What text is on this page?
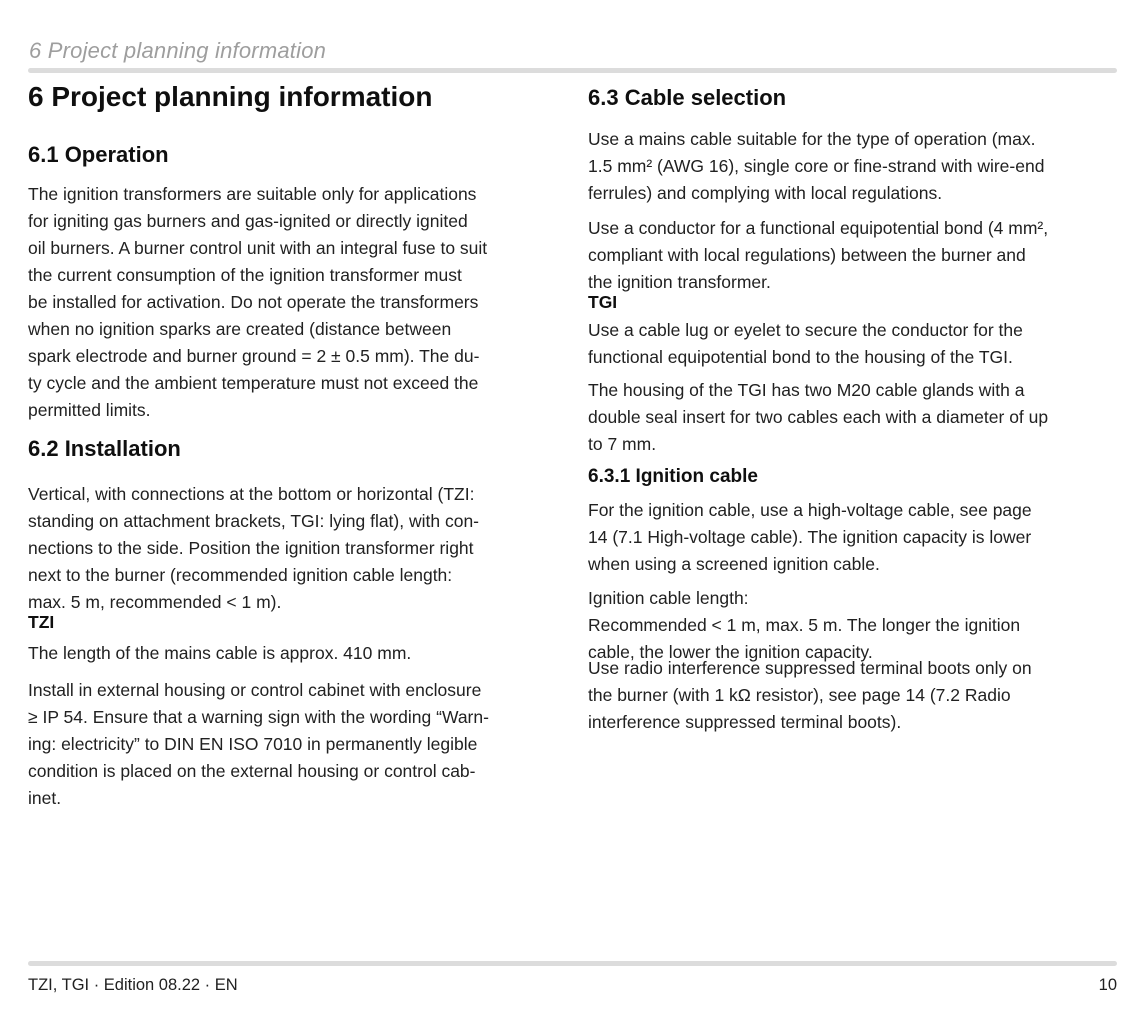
6 Project planning information
6 Project planning information
6.1 Operation
The ignition transformers are suitable only for applications
for igniting gas burners and gas-ignited or directly ignited
oil burners. A burner control unit with an integral fuse to suit
the current consumption of the ignition transformer must
be installed for activation. Do not operate the transformers
when no ignition sparks are created (distance between
spark electrode and burner ground = 2 ± 0.5 mm). The du-
ty cycle and the ambient temperature must not exceed the
permitted limits.
6.2 Installation
Vertical, with connections at the bottom or horizontal (TZI:
standing on attachment brackets, TGI: lying flat), with con-
nections to the side. Position the ignition transformer right
next to the burner (recommended ignition cable length:
max. 5 m, recommended < 1 m).
TZI
The length of the mains cable is approx. 410 mm.
Install in external housing or control cabinet with enclosure
≥ IP 54. Ensure that a warning sign with the wording “Warn-
ing: electricity” to DIN EN ISO 7010 in permanently legible
condition is placed on the external housing or control cab-
inet.
6.3 Cable selection
Use a mains cable suitable for the type of operation (max.
1.5 mm² (AWG 16), single core or fine-strand with wire-end
ferrules) and complying with local regulations.
Use a conductor for a functional equipotential bond (4 mm²,
compliant with local regulations) between the burner and
the ignition transformer.
TGI
Use a cable lug or eyelet to secure the conductor for the
functional equipotential bond to the housing of the TGI.
The housing of the TGI has two M20 cable glands with a
double seal insert for two cables each with a diameter of up
to 7 mm.
6.3.1 Ignition cable
For the ignition cable, use a high-voltage cable, see page
14 (7.1 High-voltage cable). The ignition capacity is lower
when using a screened ignition cable.
Ignition cable length:
Recommended < 1 m, max. 5 m. The longer the ignition
cable, the lower the ignition capacity.
Use radio interference suppressed terminal boots only on
the burner (with 1 kΩ resistor), see page 14 (7.2 Radio
interference suppressed terminal boots).
TZI, TGI · Edition 08.22 · EN	10
